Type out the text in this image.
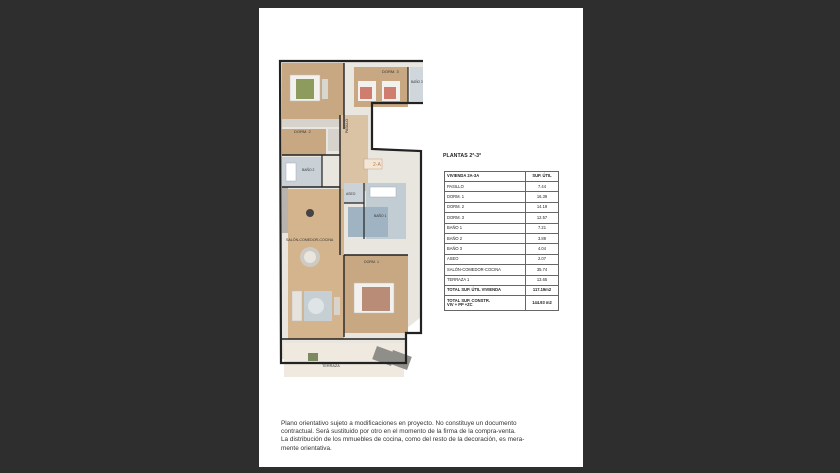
DORM. 3
BAÑO 3
DORM. 2	PASILLO
BAÑO 2
2-A
ASEO
BAÑO 1
SALÓN-COMEDOR-COCINA
DORM. 1
TERRAZA
PLANTAS 2ª-3ª
VIVIENDA 2A-3A	SUP. ÚTIL
PASILLO	7.44
DORM. 1	16.39
DORM. 2	14.19
DORM. 3	12.57
BAÑO 1	7.21
BAÑO 2	3.89
BAÑO 3	4.04
ASEO	2.07
SALÓN-COMEDOR-COCINA	35.74
TERRAZA 1	13.65
TOTAL SUP. ÚTIL VIVIENDA	117.19m2

TOTAL SUP. CONSTR.
VIV + PP +ZC	144.93 m2
Plano orientativo sujeto a modificaciones en proyecto. No constituye un documento
contractual. Será sustituido por otro en el momento de la firma de la compra-venta.
La distribución de los mmuebles de cocina, como del resto de la decoración, es mera-
mente orientativa.
